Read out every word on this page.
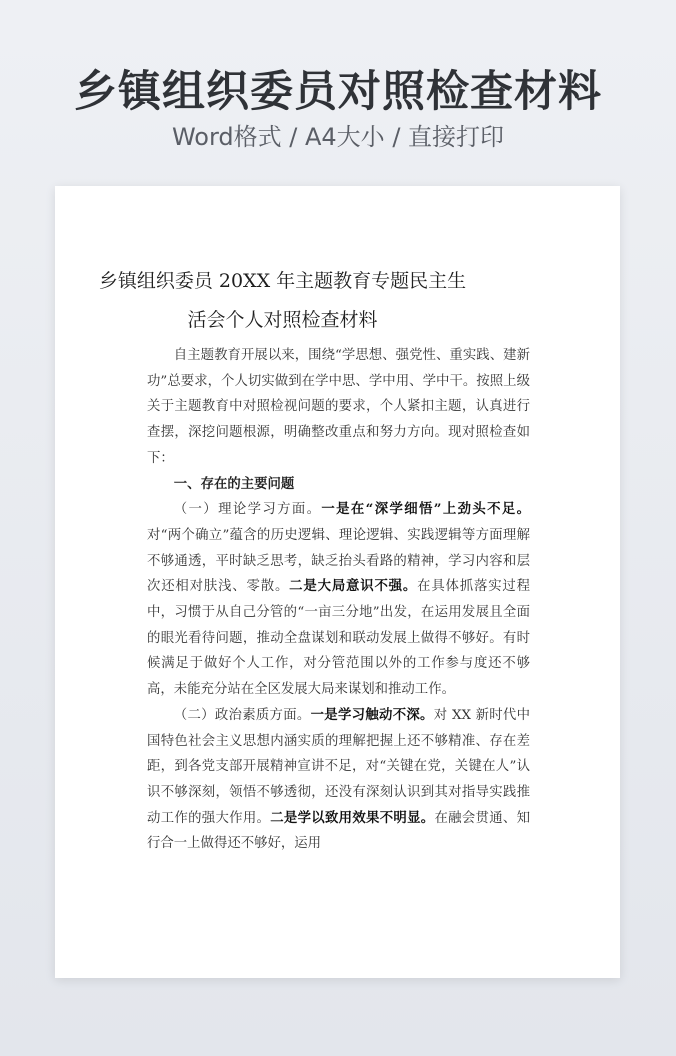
乡镇组织委员对照检查材料
Word格式 / A4大小 / 直接打印
乡镇组织委员 20XX 年主题教育专题民主生
活会个人对照检查材料

自主题教育开展以来，围绕“学思想、强党性、重实践、建新功”总要求，个人切实做到在学中思、学中用、学中干。按照上级关于主题教育中对照检视问题的要求，个人紧扣主题，认真进行查摆，深挖问题根源，明确整改重点和努力方向。现对照检查如下：

一、存在的主要问题

（一）理论学习方面。一是在“深学细悟”上劲头不足。对“两个确立”蕴含的历史逻辑、理论逻辑、实践逻辑等方面理解不够通透，平时缺乏思考，缺乏抬头看路的精神，学习内容和层次还相对肤浅、零散。二是大局意识不强。在具体抓落实过程中，习惯于从自己分管的“一亩三分地”出发，在运用发展且全面的眼光看待问题，推动全盘谋划和联动发展上做得不够好。有时候满足于做好个人工作，对分管范围以外的工作参与度还不够高，未能充分站在全区发展大局来谋划和推动工作。

（二）政治素质方面。一是学习触动不深。对 XX 新时代中国特色社会主义思想内涵实质的理解把握上还不够精准、存在差距，到各党支部开展精神宣讲不足，对“关键在党，关键在人”认识不够深刻，领悟不够透彻，还没有深刻认识到其对指导实践推动工作的强大作用。二是学以致用效果不明显。在融会贯通、知行合一上做得还不够好，运用
